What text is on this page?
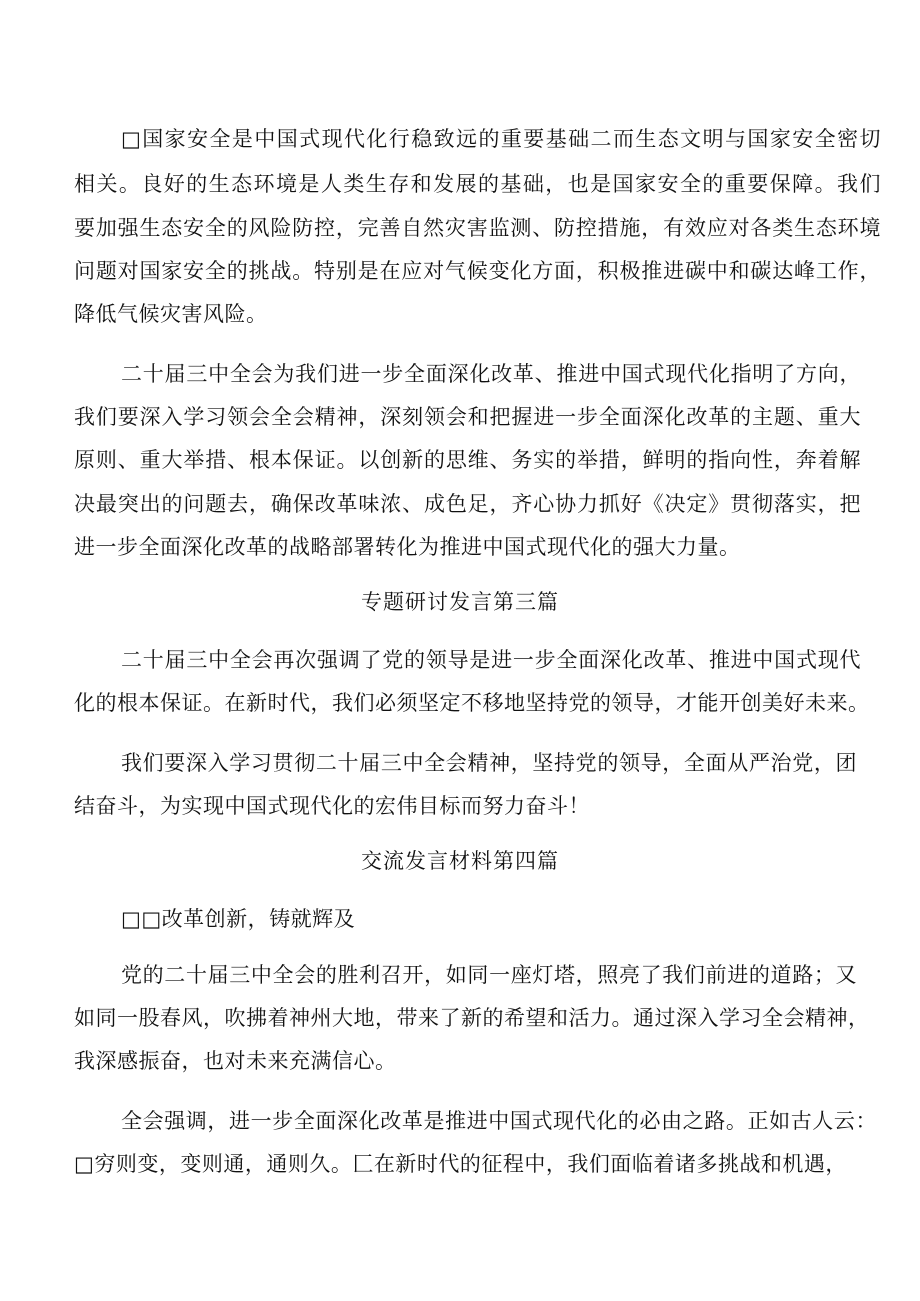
□国家安全是中国式现代化行稳致远的重要基础二而生态文明与国家安全密切
相关。良好的生态环境是人类生存和发展的基础，也是国家安全的重要保障。我们
要加强生态安全的风险防控，完善自然灾害监测、防控措施，有效应对各类生态环境
问题对国家安全的挑战。特别是在应对气候变化方面，积极推进碳中和碳达峰工作，
降低气候灾害风险。
二十届三中全会为我们进一步全面深化改革、推进中国式现代化指明了方向，
我们要深入学习领会全会精神，深刻领会和把握进一步全面深化改革的主题、重大
原则、重大举措、根本保证。以创新的思维、务实的举措，鲜明的指向性，奔着解
决最突出的问题去，确保改革味浓、成色足，齐心协力抓好《决定》贯彻落实，把
进一步全面深化改革的战略部署转化为推进中国式现代化的强大力量。
专题研讨发言第三篇
二十届三中全会再次强调了党的领导是进一步全面深化改革、推进中国式现代
化的根本保证。在新时代，我们必须坚定不移地坚持党的领导，才能开创美好未来。
我们要深入学习贯彻二十届三中全会精神，坚持党的领导，全面从严治党，团
结奋斗，为实现中国式现代化的宏伟目标而努力奋斗！
交流发言材料第四篇
□□改革创新，铸就辉及
党的二十届三中全会的胜利召开，如同一座灯塔，照亮了我们前进的道路；又
如同一股春风，吹拂着神州大地，带来了新的希望和活力。通过深入学习全会精神，
我深感振奋，也对未来充满信心。
全会强调，进一步全面深化改革是推进中国式现代化的必由之路。正如古人云：
□穷则变，变则通，通则久。匚在新时代的征程中，我们面临着诸多挑战和机遇，
